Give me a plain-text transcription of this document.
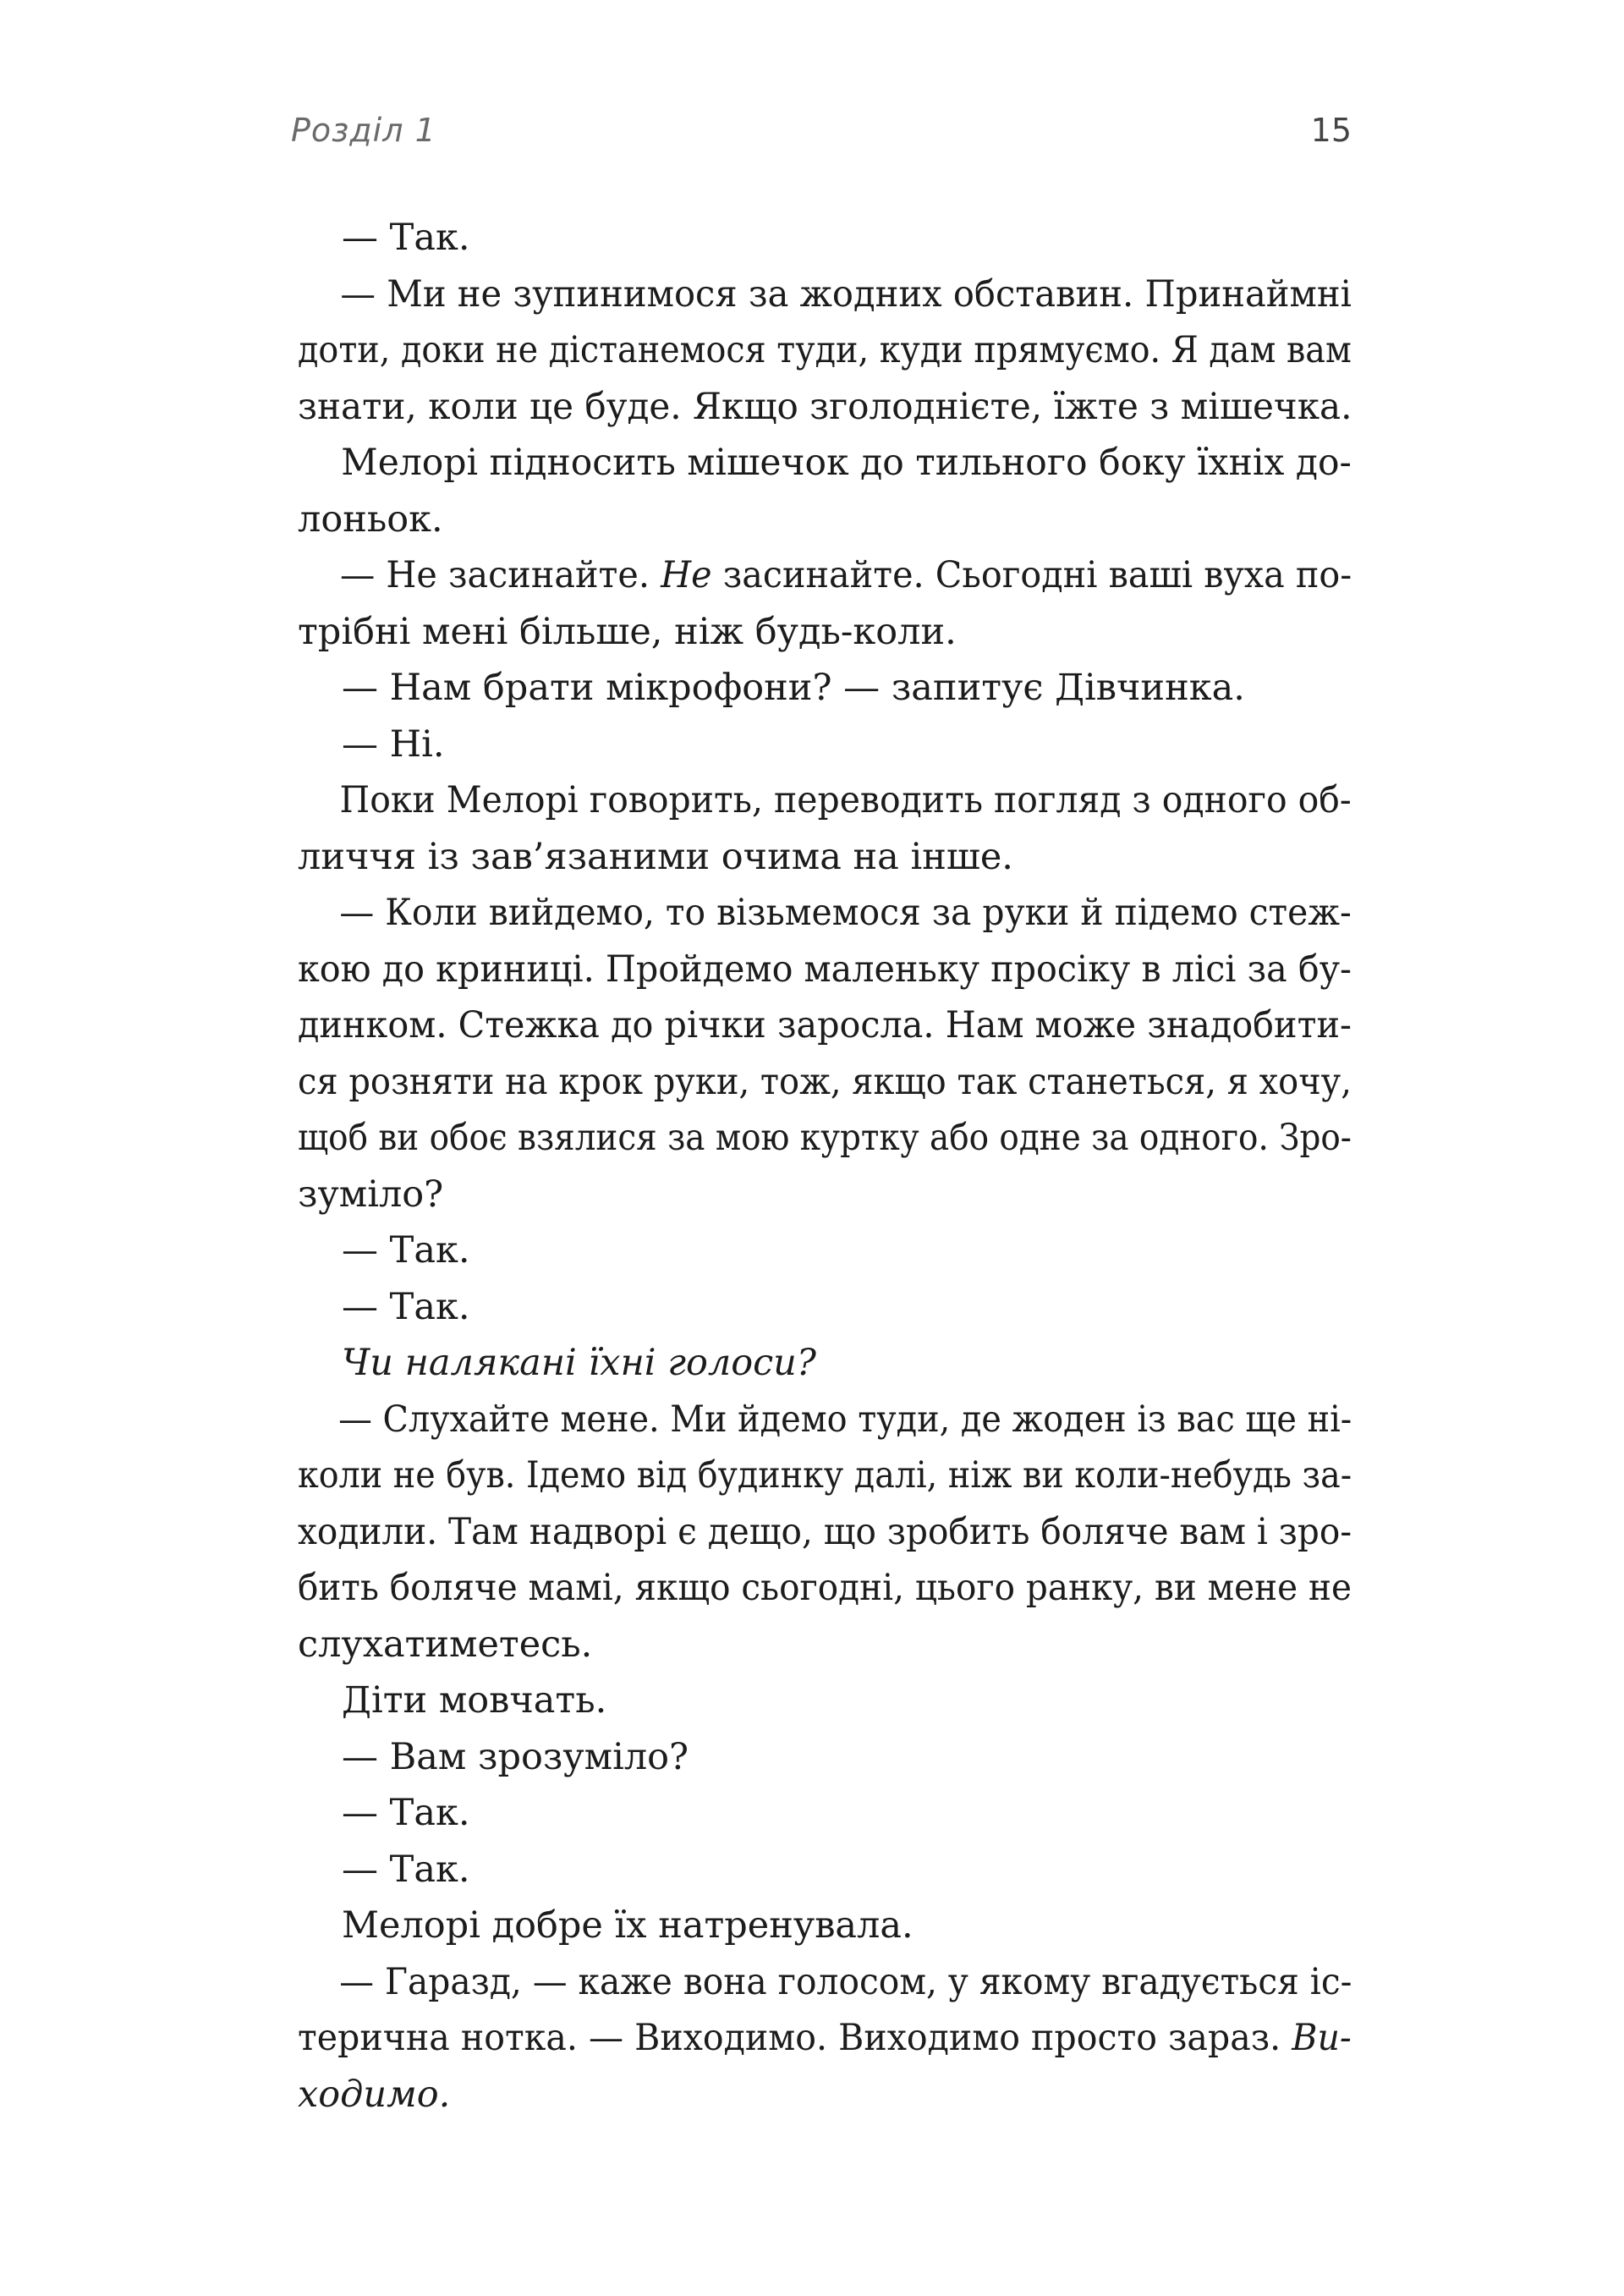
Розділ 1	15
— Так.
— Ми не зупинимося за жодних обставин. Принаймні
доти, доки не дістанемося туди, куди прямуємо. Я дам вам
знати, коли це буде. Якщо зголоднієте, їжте з мішечка.
Мелорі підносить мішечок до тильного боку їхніх до-
лоньок.
— Не засинайте. Не засинайте. Сьогодні ваші вуха по-
трібні мені більше, ніж будь-коли.
— Нам брати мікрофони? — запитує Дівчинка.
— Ні.
Поки Мелорі говорить, переводить погляд з одного об-
личчя із зав’язаними очима на інше.
— Коли вийдемо, то візьмемося за руки й підемо стеж-
кою до криниці. Пройдемо маленьку просіку в лісі за бу-
динком. Стежка до річки заросла. Нам може знадобити-
ся розняти на крок руки, тож, якщо так станеться, я хочу,
щоб ви обоє взялися за мою куртку або одне за одного. Зро-
зуміло?
— Так.
— Так.
Чи налякані їхні голоси?
— Слухайте мене. Ми йдемо туди, де жоден із вас ще ні-
коли не був. Ідемо від будинку далі, ніж ви коли-небудь за-
ходили. Там надворі є дещо, що зробить боляче вам і зро-
бить боляче мамі, якщо сьогодні, цього ранку, ви мене не
слухатиметесь.
Діти мовчать.
— Вам зрозуміло?
— Так.
— Так.
Мелорі добре їх натренувала.
— Гаразд, — каже вона голосом, у якому вгадується іс-
терична нотка. — Виходимо. Виходимо просто зараз. Ви-
ходимо.
